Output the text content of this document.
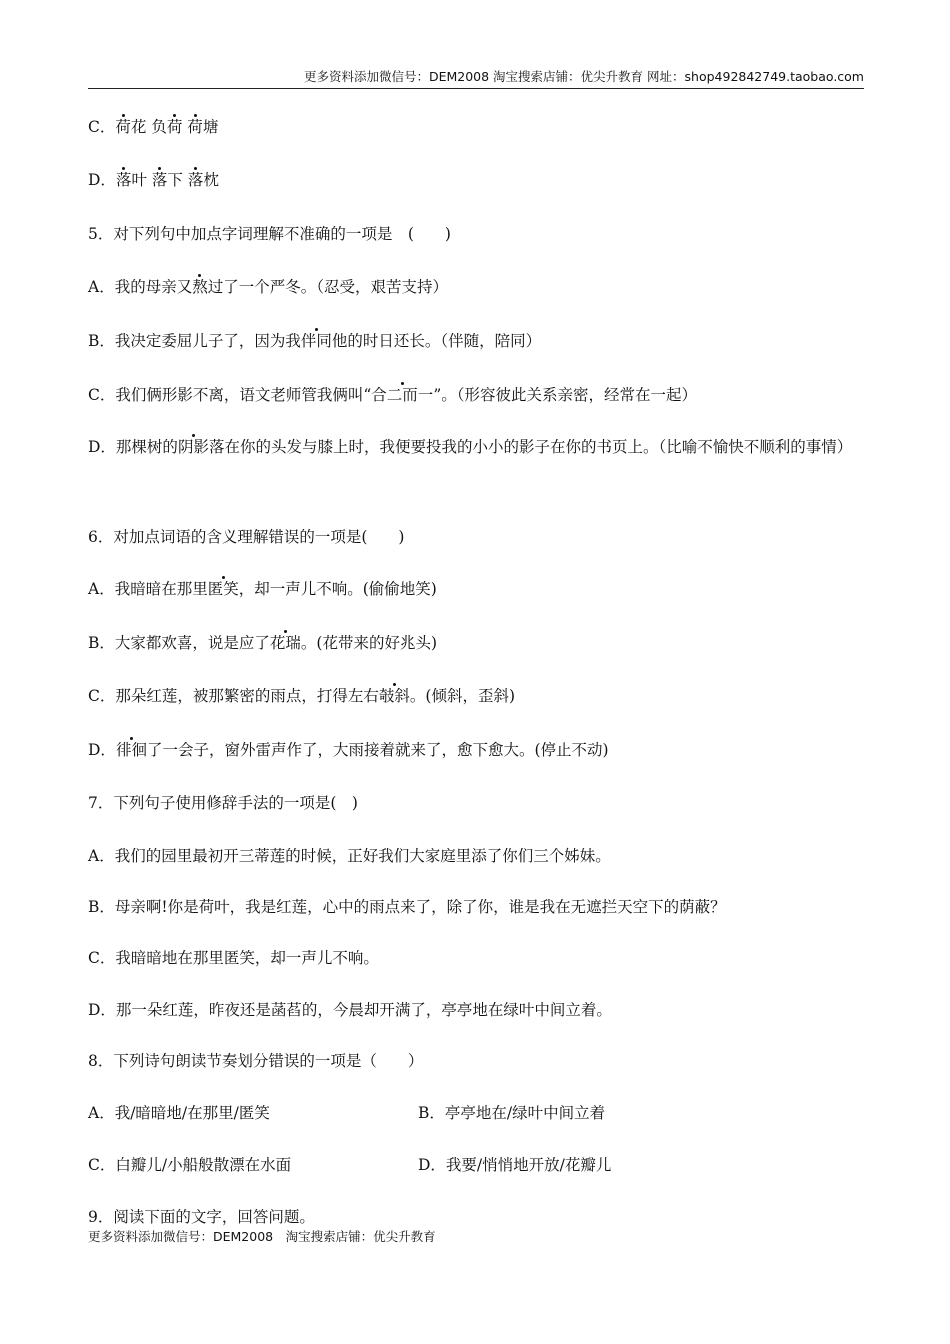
更多资料添加微信号：DEM2008 淘宝搜索店铺：优尖升教育 网址：shop492842749.taobao.com
C．荷花 负荷 荷塘
D．落叶 落下 落枕
5．对下列句中加点字词理解不准确的一项是　(　　)
A．我的母亲又熬过了一个严冬。（忍受，艰苦支持）
B．我决定委屈儿子了，因为我伴同他的时日还长。（伴随，陪同）
C．我们俩形影不离，语文老师管我俩叫“合二而一”。（形容彼此关系亲密，经常在一起）
D．那棵树的阴影落在你的头发与膝上时，我便要投我的小小的影子在你的书页上。（比喻不愉快不顺利的事情）
6．对加点词语的含义理解错误的一项是(　　)
A．我暗暗在那里匿笑，却一声儿不响。(偷偷地笑)
B．大家都欢喜，说是应了花瑞。(花带来的好兆头)
C．那朵红莲，被那繁密的雨点，打得左右攲斜。(倾斜，歪斜)
D．徘徊了一会子，窗外雷声作了，大雨接着就来了，愈下愈大。(停止不动)
7．下列句子使用修辞手法的一项是(　)
A．我们的园里最初开三蒂莲的时候，正好我们大家庭里添了你们三个姊妹。
B．母亲啊!你是荷叶，我是红莲，心中的雨点来了，除了你，谁是我在无遮拦天空下的荫蔽？
C．我暗暗地在那里匿笑，却一声儿不响。
D．那一朵红莲，昨夜还是菡萏的，今晨却开满了，亭亭地在绿叶中间立着。
8．下列诗句朗读节奏划分错误的一项是（　　）
A．我/暗暗地/在那里/匿笑	B．亭亭地在/绿叶中间立着
C．白瓣儿/小船般散漂在水面	D．我要/悄悄地开放/花瓣儿
9．阅读下面的文字，回答问题。
更多资料添加微信号：DEM2008　淘宝搜索店铺：优尖升教育
